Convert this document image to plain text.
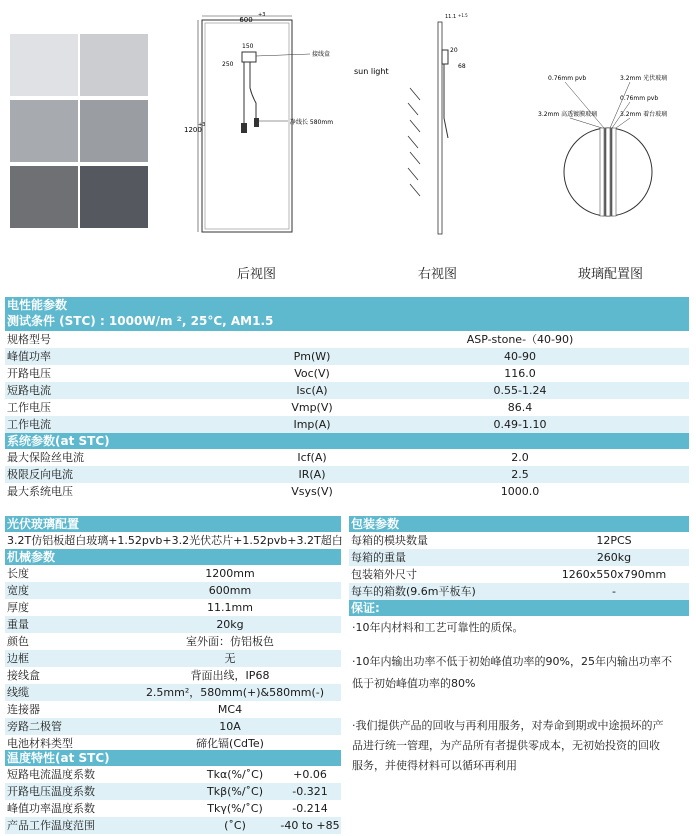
600
+3
1200
+3
150
250
接线盒
净线长 580mm
sun light
11.1 +1.5
20
68
0.76mm pvb	3.2mm 光伏玻璃
0.76mm pvb
3.2mm 高透镀膜玻璃	3.2mm 着台玻璃
后视图	右视图	玻璃配置图
电性能参数
测试条件 (STC) : 1000W/m ², 25°C, AM1.5
规格型号	ASP-stone-（40-90)
峰值功率	Pm(W)	40-90
开路电压	Voc(V)	116.0
短路电流	Isc(A)	0.55-1.24
工作电压	Vmp(V)	86.4
工作电流	Imp(A)	0.49-1.10
系统参数(at STC)
最大保险丝电流	Icf(A)	2.0
极限反向电流	IR(A)	2.5
最大系统电压	Vsys(V)	1000.0
光伏玻璃配置
3.2T仿铝板超白玻璃+1.52pvb+3.2光伏芯片+1.52pvb+3.2T超白
机械参数
长度	1200mm
宽度	600mm
厚度	11.1mm
重量	20kg
颜色	室外面：仿铝板色
边框	无
接线盒	背面出线，IP68
线缆	2.5mm²，580mm(+)&580mm(-)
连接器	MC4
旁路二极管	10A
电池材料类型	碲化镉(CdTe)
温度特性(at STC)
短路电流温度系数	Tkα(%/˚C)	+0.06
开路电压温度系数	Tkβ(%/˚C)	-0.321
峰值功率温度系数	Tkγ(%/˚C)	-0.214
产品工作温度范围	(˚C)	-40 to +85
包装参数
每箱的模块数量	12PCS
每箱的重量	260kg
包装箱外尺寸	1260x550x790mm
每车的箱数(9.6m平板车)	-
保证:
·10年内材料和工艺可靠性的质保。
·10年内输出功率不低于初始峰值功率的90%，25年内输出功率不
低于初始峰值功率的80%
·我们提供产品的回收与再利用服务，对寿命到期或中途损坏的产
品进行统一管理，为产品所有者提供零成本，无初始投资的回收
服务，并使得材料可以循环再利用
